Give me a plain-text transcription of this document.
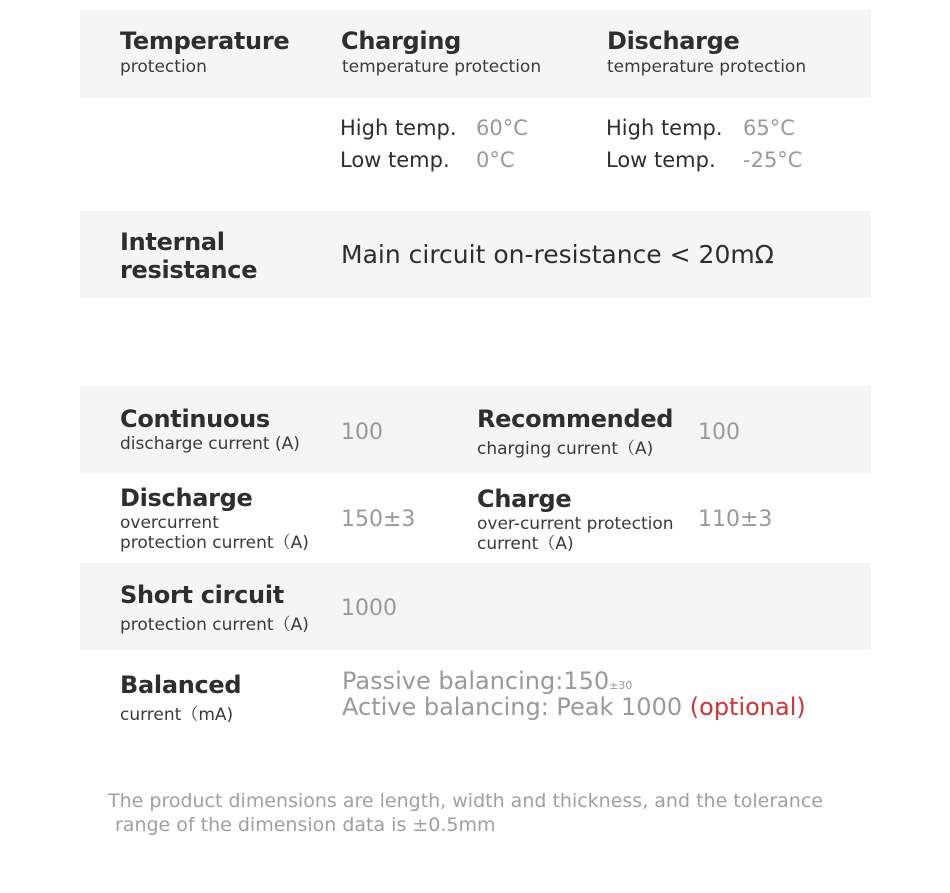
Temperature
protection
Charging
temperature protection
Discharge
temperature protection
High temp. 60°C
Low temp. 0°C
High temp. 65°C
Low temp. -25°C
Internal
resistance
Main circuit on-resistance < 20mΩ
Continuous
discharge current (A) 100	Recommended
charging current（A)
100
Discharge
overcurrent
protection current（A)
150±3
Charge
over-current protection
current（A)
110±3
Short circuit
protection current（A)
1000
Balanced
current（mA)
Passive balancing:150±30
Active balancing: Peak 1000 (optional)
The product dimensions are length, width and thickness, and the tolerance
range of the dimension data is ±0.5mm
